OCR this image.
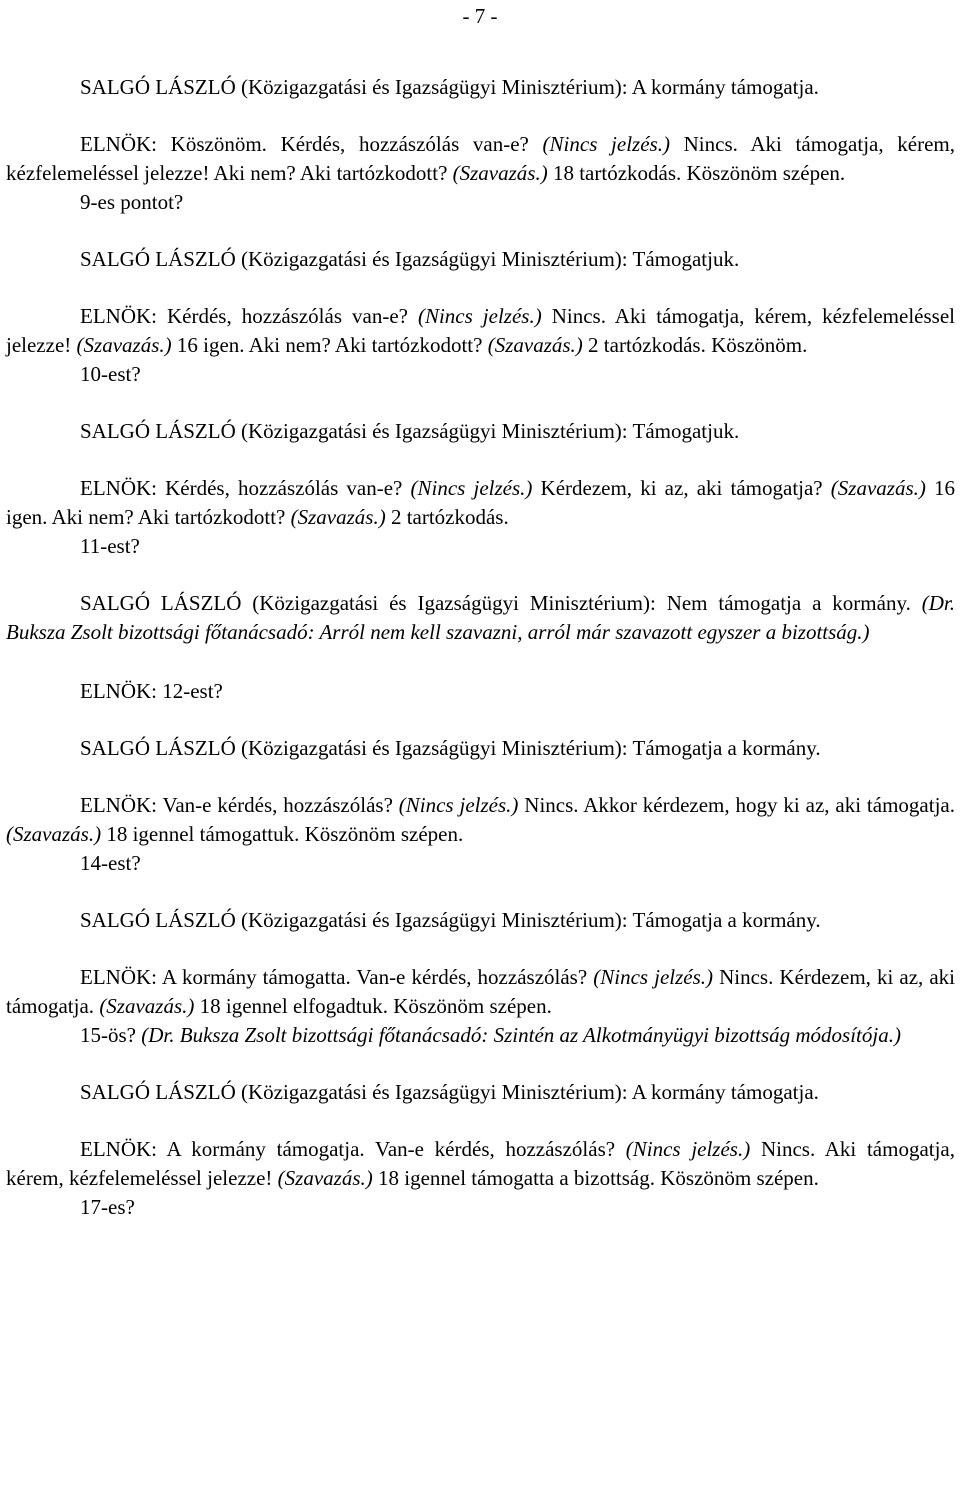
- 7 -

SALGÓ LÁSZLÓ (Közigazgatási és Igazságügyi Minisztérium): A kormány támogatja.

ELNÖK: Köszönöm. Kérdés, hozzászólás van-e? (Nincs jelzés.) Nincs. Aki támogatja, kérem, kézfelemeléssel jelezze! Aki nem? Aki tartózkodott? (Szavazás.) 18 tartózkodás. Köszönöm szépen.

9-es pontot?

SALGÓ LÁSZLÓ (Közigazgatási és Igazságügyi Minisztérium): Támogatjuk.

ELNÖK: Kérdés, hozzászólás van-e? (Nincs jelzés.) Nincs. Aki támogatja, kérem, kézfelemeléssel jelezze! (Szavazás.) 16 igen. Aki nem? Aki tartózkodott? (Szavazás.) 2 tartózkodás. Köszönöm.

10-est?

SALGÓ LÁSZLÓ (Közigazgatási és Igazságügyi Minisztérium): Támogatjuk.

ELNÖK: Kérdés, hozzászólás van-e? (Nincs jelzés.) Kérdezem, ki az, aki támogatja? (Szavazás.) 16 igen. Aki nem? Aki tartózkodott? (Szavazás.) 2 tartózkodás.

11-est?

SALGÓ LÁSZLÓ (Közigazgatási és Igazságügyi Minisztérium): Nem támogatja a kormány. (Dr. Buksza Zsolt bizottsági főtanácsadó: Arról nem kell szavazni, arról már szavazott egyszer a bizottság.)

ELNÖK: 12-est?

SALGÓ LÁSZLÓ (Közigazgatási és Igazságügyi Minisztérium): Támogatja a kormány.

ELNÖK: Van-e kérdés, hozzászólás? (Nincs jelzés.) Nincs. Akkor kérdezem, hogy ki az, aki támogatja. (Szavazás.) 18 igennel támogattuk. Köszönöm szépen.

14-est?

SALGÓ LÁSZLÓ (Közigazgatási és Igazságügyi Minisztérium): Támogatja a kormány.

ELNÖK: A kormány támogatta. Van-e kérdés, hozzászólás? (Nincs jelzés.) Nincs. Kérdezem, ki az, aki támogatja. (Szavazás.) 18 igennel elfogadtuk. Köszönöm szépen.

15-ös? (Dr. Buksza Zsolt bizottsági főtanácsadó: Szintén az Alkotmányügyi bizottság módosítója.)

SALGÓ LÁSZLÓ (Közigazgatási és Igazságügyi Minisztérium): A kormány támogatja.

ELNÖK: A kormány támogatja. Van-e kérdés, hozzászólás? (Nincs jelzés.) Nincs. Aki támogatja, kérem, kézfelemeléssel jelezze! (Szavazás.) 18 igennel támogatta a bizottság. Köszönöm szépen.

17-es?
